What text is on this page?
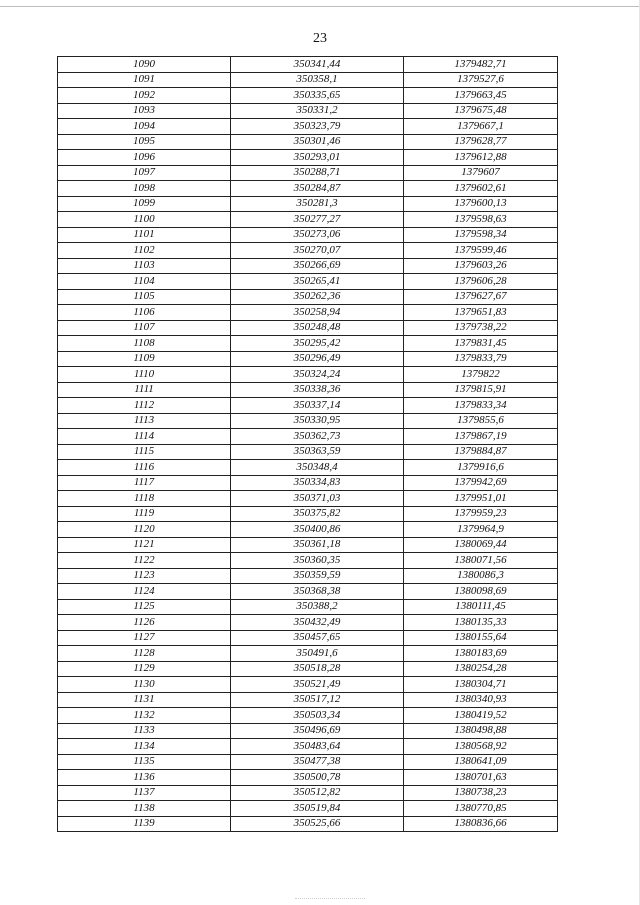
23
1090	350341,44	1379482,71
1091	350358,1	1379527,6
1092	350335,65	1379663,45
1093	350331,2	1379675,48
1094	350323,79	1379667,1
1095	350301,46	1379628,77
1096	350293,01	1379612,88
1097	350288,71	1379607
1098	350284,87	1379602,61
1099	350281,3	1379600,13
1100	350277,27	1379598,63
1101	350273,06	1379598,34
1102	350270,07	1379599,46
1103	350266,69	1379603,26
1104	350265,41	1379606,28
1105	350262,36	1379627,67
1106	350258,94	1379651,83
1107	350248,48	1379738,22
1108	350295,42	1379831,45
1109	350296,49	1379833,79
1110	350324,24	1379822
1111	350338,36	1379815,91
1112	350337,14	1379833,34
1113	350330,95	1379855,6
1114	350362,73	1379867,19
1115	350363,59	1379884,87
1116	350348,4	1379916,6
1117	350334,83	1379942,69
1118	350371,03	1379951,01
1119	350375,82	1379959,23
1120	350400,86	1379964,9
1121	350361,18	1380069,44
1122	350360,35	1380071,56
1123	350359,59	1380086,3
1124	350368,38	1380098,69
1125	350388,2	1380111,45
1126	350432,49	1380135,33
1127	350457,65	1380155,64
1128	350491,6	1380183,69
1129	350518,28	1380254,28
1130	350521,49	1380304,71
1131	350517,12	1380340,93
1132	350503,34	1380419,52
1133	350496,69	1380498,88
1134	350483,64	1380568,92
1135	350477,38	1380641,09
1136	350500,78	1380701,63
1137	350512,82	1380738,23
1138	350519,84	1380770,85
1139	350525,66	1380836,66
